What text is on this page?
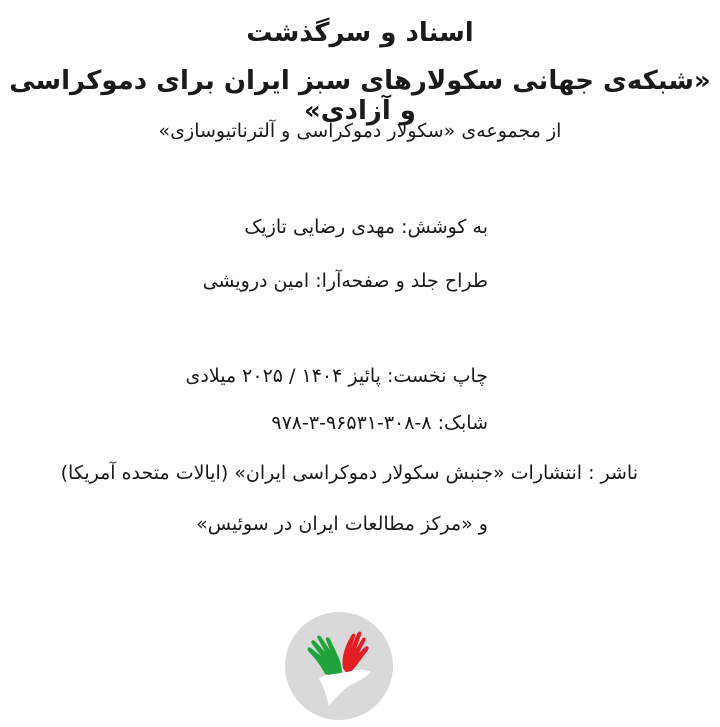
اسناد و سرگذشت
«شبکه‌ی جهانی سکولارهای سبز ایران برای دموکراسی و آزادی»
از مجموعه‌ی «سکولار دموکراسی و آلترناتیوسازی»
به کوشش: مهدی رضایی تازیک
طراح جلد و صفحه‌آرا: امین درویشی
چاپ نخست: پائیز ۱۴۰۴ / ۲۰۲۵ میلادی
شابک: ۸-۳۰۸-۹۶۵۳۱-۳-۹۷۸
ناشر : انتشارات «جنبش سکولار دموکراسی ایران» (ایالات متحده آمریکا)
و «مرکز مطالعات ایران در سوئیس»
